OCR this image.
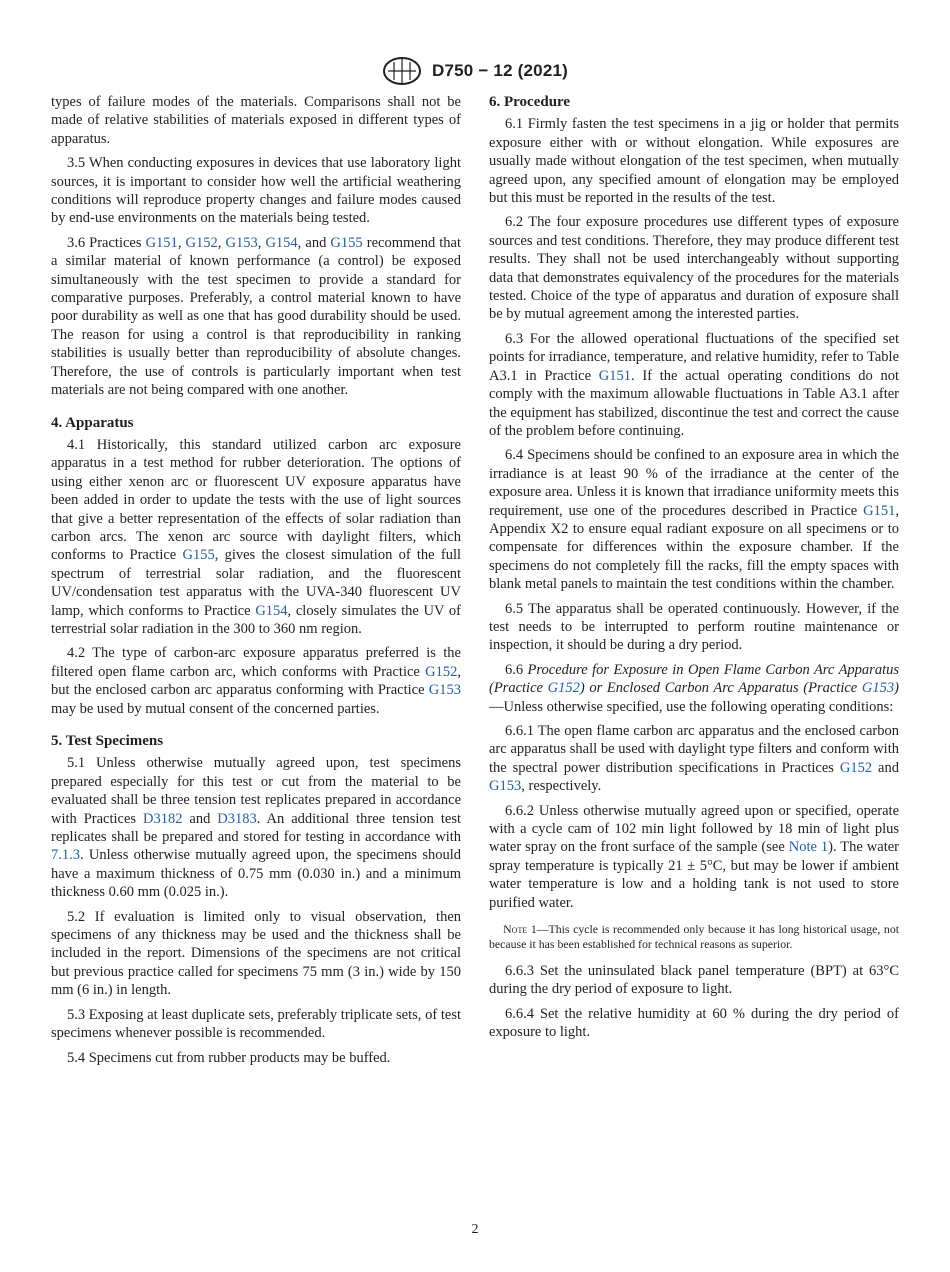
D750 − 12 (2021)

types of failure modes of the materials. Comparisons shall not be made of relative stabilities of materials exposed in different types of apparatus.

3.5 When conducting exposures in devices that use laboratory light sources, it is important to consider how well the artificial weathering conditions will reproduce property changes and failure modes caused by end-use environments on the materials being tested.

3.6 Practices G151, G152, G153, G154, and G155 recommend that a similar material of known performance (a control) be exposed simultaneously with the test specimen to provide a standard for comparative purposes. Preferably, a control material known to have poor durability as well as one that has good durability should be used. The reason for using a control is that reproducibility in ranking stabilities is usually better than reproducibility of absolute changes. Therefore, the use of controls is particularly important when test materials are not being compared with one another.

4. Apparatus

4.1 Historically, this standard utilized carbon arc exposure apparatus in a test method for rubber deterioration. The options of using either xenon arc or fluorescent UV exposure apparatus have been added in order to update the tests with the use of light sources that give a better representation of the effects of solar radiation than carbon arcs. The xenon arc source with daylight filters, which conforms to Practice G155, gives the closest simulation of the full spectrum of terrestrial solar radiation, and the fluorescent UV/condensation test apparatus with the UVA-340 fluorescent UV lamp, which conforms to Practice G154, closely simulates the UV of terrestrial solar radiation in the 300 to 360 nm region.

4.2 The type of carbon-arc exposure apparatus preferred is the filtered open flame carbon arc, which conforms with Practice G152, but the enclosed carbon arc apparatus conforming with Practice G153 may be used by mutual consent of the concerned parties.

5. Test Specimens

5.1 Unless otherwise mutually agreed upon, test specimens prepared especially for this test or cut from the material to be evaluated shall be three tension test replicates prepared in accordance with Practices D3182 and D3183. An additional three tension test replicates shall be prepared and stored for testing in accordance with 7.1.3. Unless otherwise mutually agreed upon, the specimens should have a maximum thickness of 0.75 mm (0.030 in.) and a minimum thickness 0.60 mm (0.025 in.).

5.2 If evaluation is limited only to visual observation, then specimens of any thickness may be used and the thickness shall be included in the report. Dimensions of the specimens are not critical but previous practice called for specimens 75 mm (3 in.) wide by 150 mm (6 in.) in length.

5.3 Exposing at least duplicate sets, preferably triplicate sets, of test specimens whenever possible is recommended.

5.4 Specimens cut from rubber products may be buffed.

6. Procedure

6.1 Firmly fasten the test specimens in a jig or holder that permits exposure either with or without elongation. While exposures are usually made without elongation of the test specimen, when mutually agreed upon, any specified amount of elongation may be employed but this must be reported in the results of the test.

6.2 The four exposure procedures use different types of exposure sources and test conditions. Therefore, they may produce different test results. They shall not be used interchangeably without supporting data that demonstrates equivalency of the procedures for the materials tested. Choice of the type of apparatus and duration of exposure shall be by mutual agreement among the interested parties.

6.3 For the allowed operational fluctuations of the specified set points for irradiance, temperature, and relative humidity, refer to Table A3.1 in Practice G151. If the actual operating conditions do not comply with the maximum allowable fluctuations in Table A3.1 after the equipment has stabilized, discontinue the test and correct the cause of the problem before continuing.

6.4 Specimens should be confined to an exposure area in which the irradiance is at least 90 % of the irradiance at the center of the exposure area. Unless it is known that irradiance uniformity meets this requirement, use one of the procedures described in Practice G151, Appendix X2 to ensure equal radiant exposure on all specimens or to compensate for differences within the exposure chamber. If the specimens do not completely fill the racks, fill the empty spaces with blank metal panels to maintain the test conditions within the chamber.

6.5 The apparatus shall be operated continuously. However, if the test needs to be interrupted to perform routine maintenance or inspection, it should be during a dry period.

6.6 Procedure for Exposure in Open Flame Carbon Arc Apparatus (Practice G152) or Enclosed Carbon Arc Apparatus (Practice G153)—Unless otherwise specified, use the following operating conditions:

6.6.1 The open flame carbon arc apparatus and the enclosed carbon arc apparatus shall be used with daylight type filters and conform with the spectral power distribution specifications in Practices G152 and G153, respectively.

6.6.2 Unless otherwise mutually agreed upon or specified, operate with a cycle cam of 102 min light followed by 18 min of light plus water spray on the front surface of the sample (see Note 1). The water spray temperature is typically 21 ± 5°C, but may be lower if ambient water temperature is low and a holding tank is not used to store purified water.

Note 1—This cycle is recommended only because it has long historical usage, not because it has been established for technical reasons as superior.

6.6.3 Set the uninsulated black panel temperature (BPT) at 63°C during the dry period of exposure to light.

6.6.4 Set the relative humidity at 60 % during the dry period of exposure to light.

2
